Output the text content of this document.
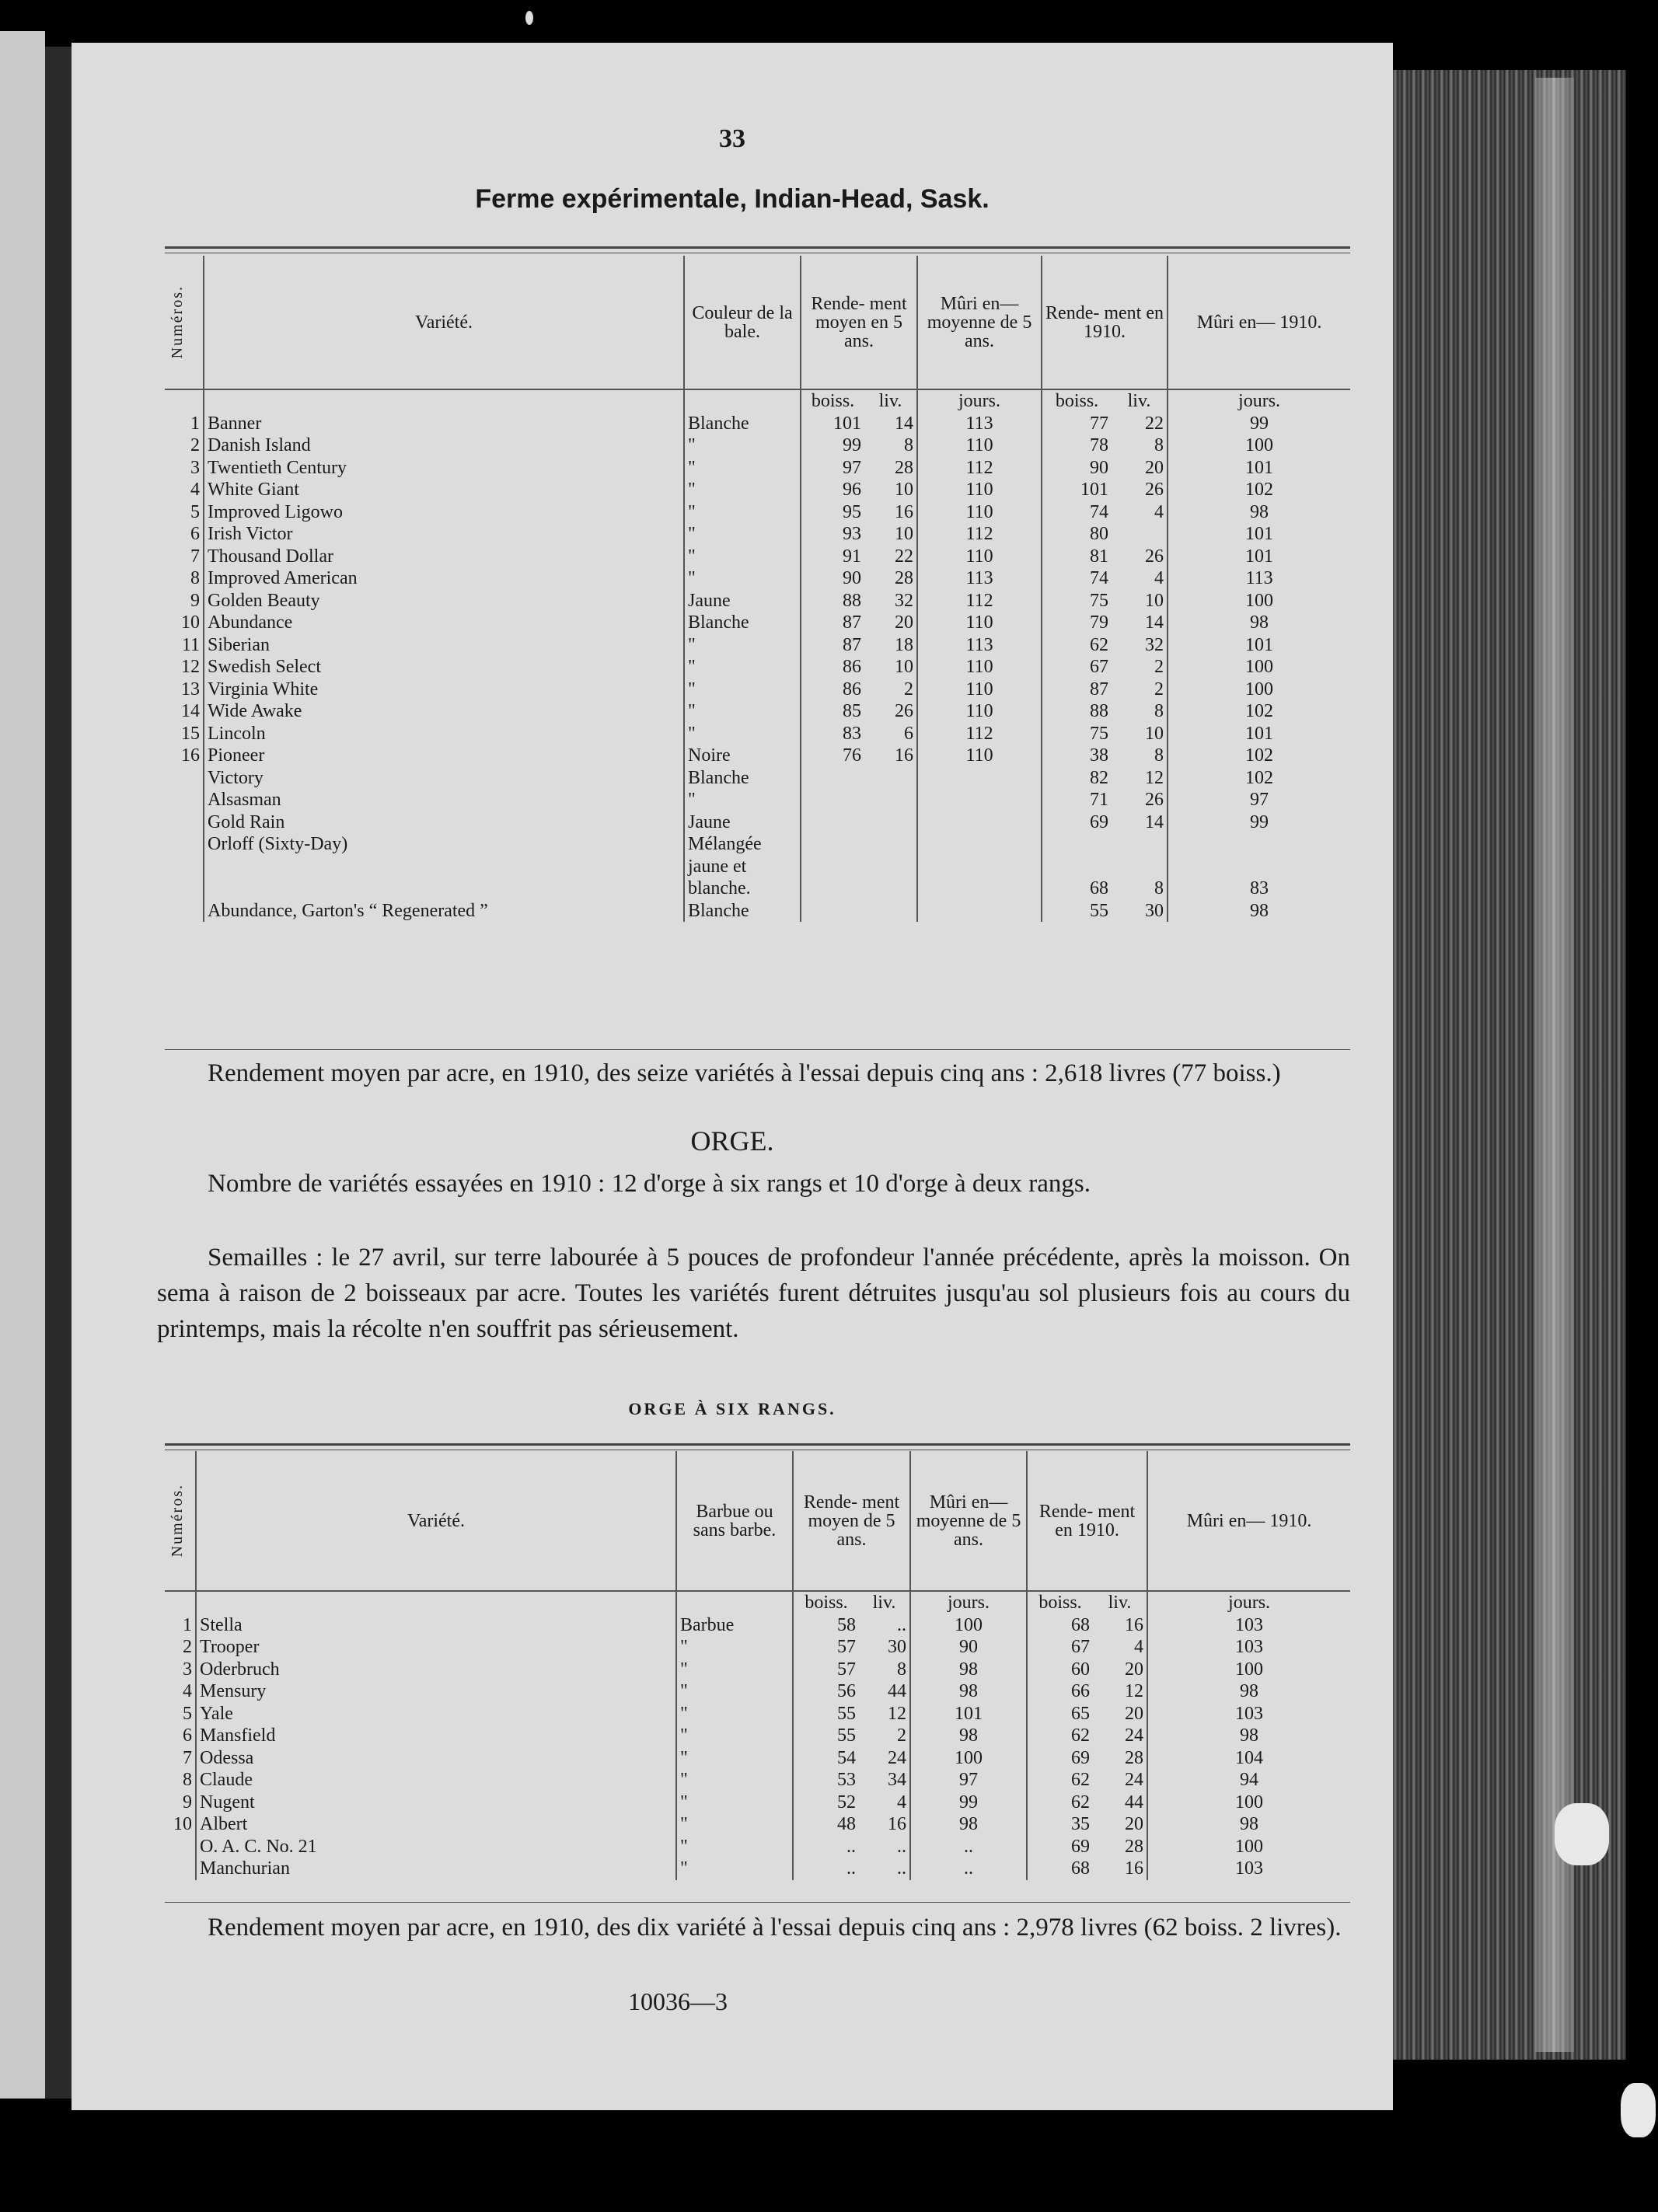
33
Ferme expérimentale, Indian-Head, Sask.
Numéros.	Variété.	Couleur de la bale.	Rende- ment moyen en 5 ans.		Mûri en— moyenne de 5 ans.	Rende- ment en 1910.		Mûri en— 1910.
			boiss.	liv.	jours.	boiss.	liv.	jours.
1	Banner	Blanche	101	14	113	77	22	99
2	Danish Island	"	99	8	110	78	8	100
3	Twentieth Century	"	97	28	112	90	20	101
4	White Giant	"	96	10	110	101	26	102
5	Improved Ligowo	"	95	16	110	74	4	98
6	Irish Victor	"	93	10	112	80		101
7	Thousand Dollar	"	91	22	110	81	26	101
8	Improved American	"	90	28	113	74	4	113
9	Golden Beauty	Jaune	88	32	112	75	10	100
10	Abundance	Blanche	87	20	110	79	14	98
11	Siberian	"	87	18	113	62	32	101
12	Swedish Select	"	86	10	110	67	2	100
13	Virginia White	"	86	2	110	87	2	100
14	Wide Awake	"	85	26	110	88	8	102
15	Lincoln	"	83	6	112	75	10	101
16	Pioneer	Noire	76	16	110	38	8	102
	Victory	Blanche				82	12	102
	Alsasman	"				71	26	97
	Gold Rain	Jaune				69	14	99
	Orloff (Sixty-Day)	Mélangée						
		jaune et						
		blanche.				68	8	83
	Abundance, Garton's “ Regenerated ”	Blanche				55	30	98
Rendement moyen par acre, en 1910, des seize variétés à l'essai depuis cinq ans : 2,618 livres (77 boiss.)
ORGE.
Nombre de variétés essayées en 1910 : 12 d'orge à six rangs et 10 d'orge à deux rangs.
Semailles : le 27 avril, sur terre labourée à 5 pouces de profondeur l'année précédente, après la moisson. On sema à raison de 2 boisseaux par acre. Toutes les variétés furent détruites jusqu'au sol plusieurs fois au cours du printemps, mais la récolte n'en souffrit pas sérieusement.
ORGE À SIX RANGS.
Numéros.	Variété.	Barbue ou sans barbe.	Rende- ment moyen de 5 ans.		Mûri en— moyenne de 5 ans.	Rende- ment en 1910.		Mûri en— 1910.
			boiss.	liv.	jours.	boiss.	liv.	jours.
1	Stella	Barbue	58	..	100	68	16	103
2	Trooper	"	57	30	90	67	4	103
3	Oderbruch	"	57	8	98	60	20	100
4	Mensury	"	56	44	98	66	12	98
5	Yale	"	55	12	101	65	20	103
6	Mansfield	"	55	2	98	62	24	98
7	Odessa	"	54	24	100	69	28	104
8	Claude	"	53	34	97	62	24	94
9	Nugent	"	52	4	99	62	44	100
10	Albert	"	48	16	98	35	20	98
	O. A. C. No. 21	"	..	..	..	69	28	100
	Manchurian	"	..	..	..	68	16	103
Rendement moyen par acre, en 1910, des dix variété à l'essai depuis cinq ans : 2,978 livres (62 boiss. 2 livres).
10036—3
